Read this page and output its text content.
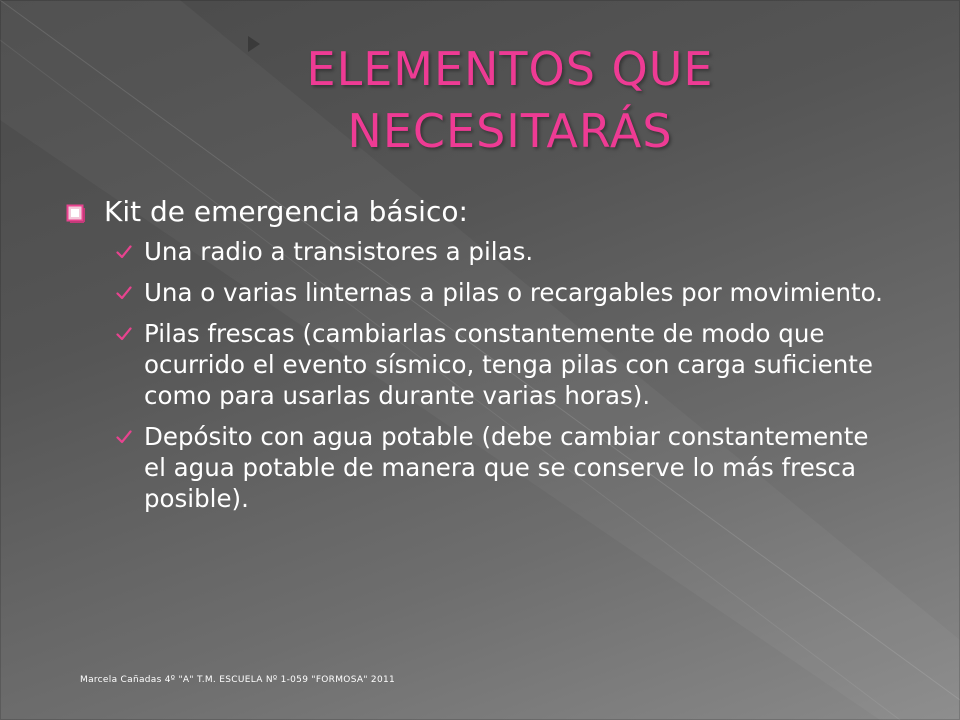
ELEMENTOS QUE
NECESITARÁS
Kit de emergencia básico:
Una radio a transistores a pilas.
Una o varias linternas a pilas o recargables por movimiento.
Pilas frescas (cambiarlas constantemente de modo que ocurrido el evento sísmico, tenga pilas con carga suficiente como para usarlas durante varias horas).
Depósito con agua potable (debe cambiar constantemente el agua potable de manera que se conserve lo más fresca posible).
Marcela Cañadas 4º "A" T.M. ESCUELA Nº 1-059 "FORMOSA" 2011
